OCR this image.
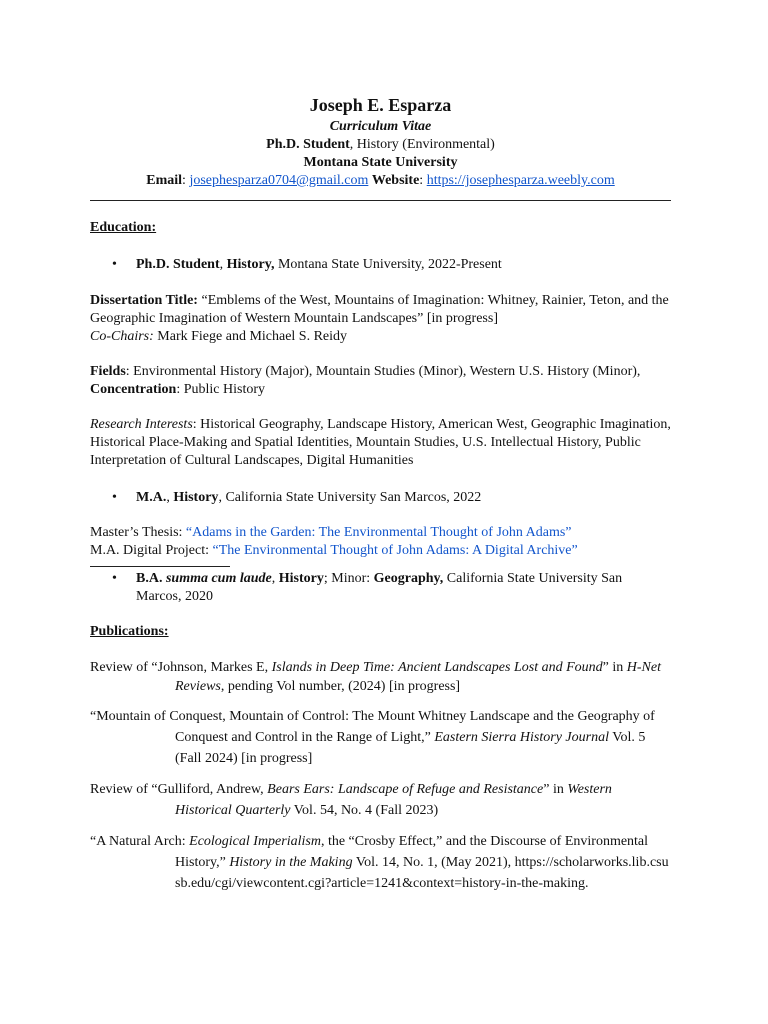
Joseph E. Esparza
Curriculum Vitae
Ph.D. Student, History (Environmental)
Montana State University
Email: josephesparza0704@gmail.com Website: https://josephesparza.weebly.com
Education:
•	Ph.D. Student, History, Montana State University, 2022-Present
Dissertation Title: “Emblems of the West, Mountains of Imagination: Whitney, Rainier, Teton, and the Geographic Imagination of Western Mountain Landscapes” [in progress]
Co-Chairs: Mark Fiege and Michael S. Reidy
Fields: Environmental History (Major), Mountain Studies (Minor), Western U.S. History (Minor), Concentration: Public History
Research Interests: Historical Geography, Landscape History, American West, Geographic Imagination, Historical Place-Making and Spatial Identities, Mountain Studies, U.S. Intellectual History, Public Interpretation of Cultural Landscapes, Digital Humanities
•	M.A., History, California State University San Marcos, 2022
Master’s Thesis: “Adams in the Garden: The Environmental Thought of John Adams”
M.A. Digital Project: “The Environmental Thought of John Adams: A Digital Archive”
•	B.A. summa cum laude, History; Minor: Geography, California State University San Marcos, 2020
Publications:
Review of “Johnson, Markes E, Islands in Deep Time: Ancient Landscapes Lost and Found” in H-Net Reviews, pending Vol number, (2024) [in progress]
“Mountain of Conquest, Mountain of Control: The Mount Whitney Landscape and the Geography of Conquest and Control in the Range of Light,” Eastern Sierra History Journal Vol. 5 (Fall 2024) [in progress]
Review of “Gulliford, Andrew, Bears Ears: Landscape of Refuge and Resistance” in Western Historical Quarterly Vol. 54, No. 4 (Fall 2023)
“A Natural Arch: Ecological Imperialism, the “Crosby Effect,” and the Discourse of Environmental History,” History in the Making Vol. 14, No. 1, (May 2021), https://scholarworks.lib.csusb.edu/cgi/viewcontent.cgi?article=1241&context=history-in-the-making.
